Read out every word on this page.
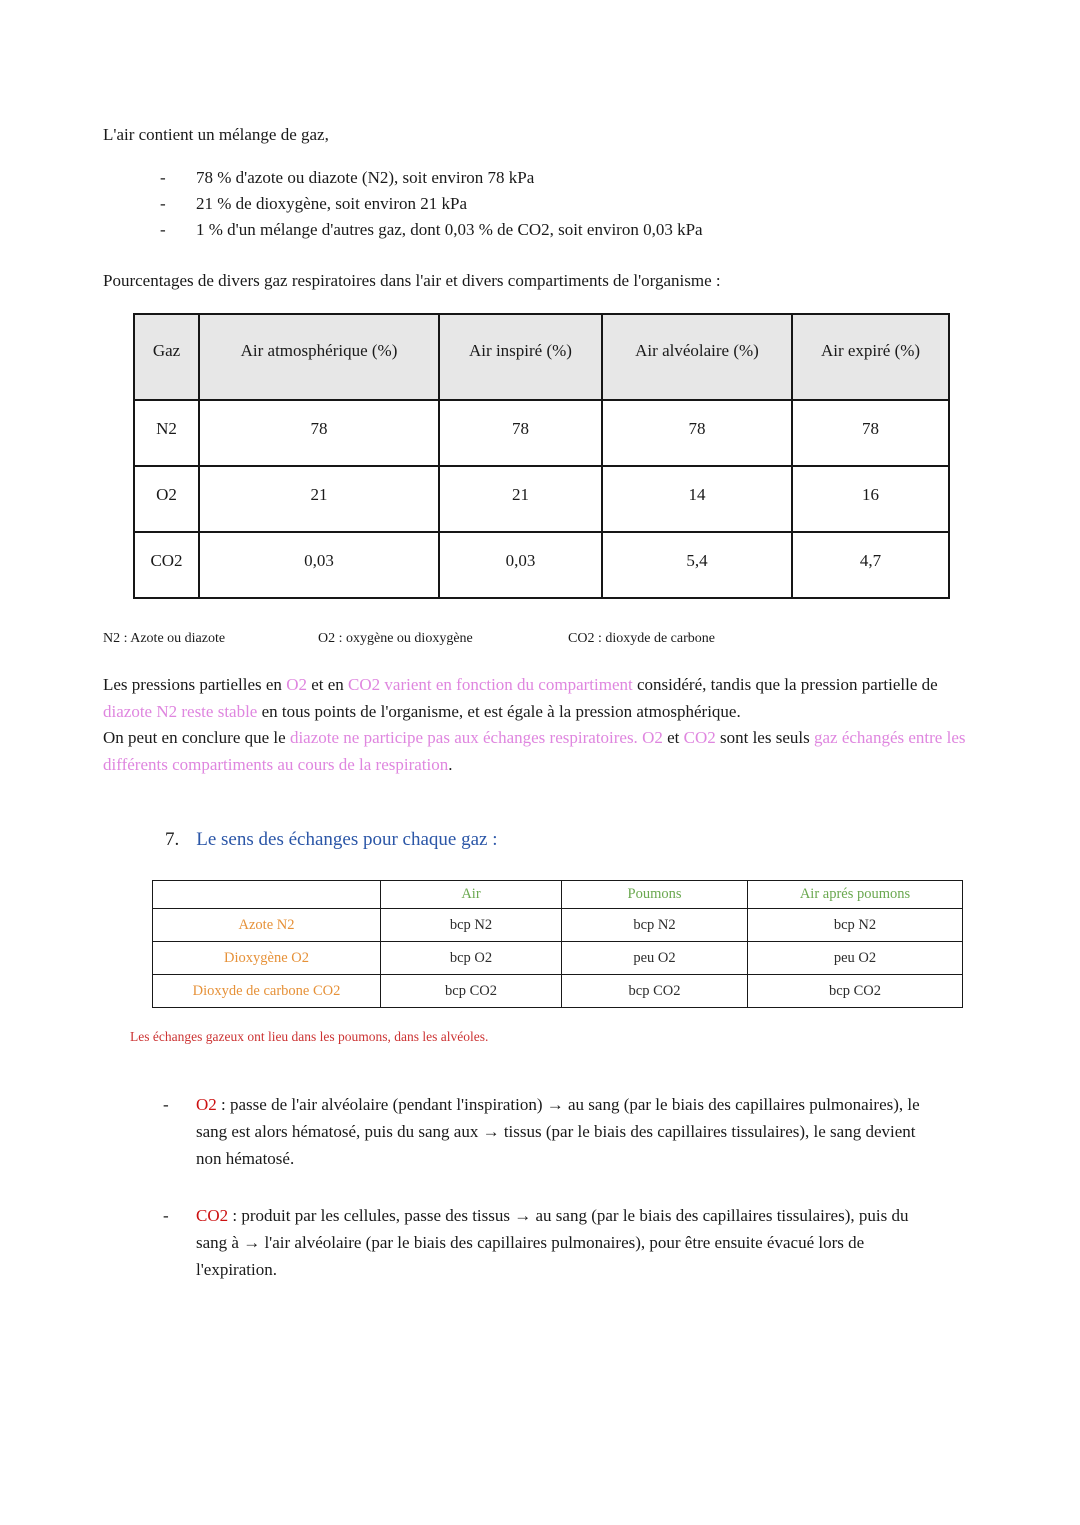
L'air contient un mélange de gaz,

-	78 % d'azote ou diazote (N2), soit environ 78 kPa
-	21 % de dioxygène, soit environ 21 kPa
-	1 % d'un mélange d'autres gaz, dont 0,03 % de CO2, soit environ 0,03 kPa

Pourcentages de divers gaz respiratoires dans l'air et divers compartiments de l'organisme :

Gaz	Air atmosphérique (%)	Air inspiré (%)	Air alvéolaire (%)	Air expiré (%)
N2	78	78	78	78
O2	21	21	14	16
CO2	0,03	0,03	5,4	4,7
N2 : Azote ou diazote	O2 : oxygène ou dioxygène	CO2 : dioxyde de carbone

Les pressions partielles en O2 et en CO2 varient en fonction du compartiment considéré, tandis que la pression partielle de diazote N2 reste stable en tous points de l'organisme, et est égale à la pression atmosphérique.

On peut en conclure que le diazote ne participe pas aux échanges respiratoires. O2 et CO2 sont les seuls gaz échangés entre les différents compartiments au cours de la respiration.

7. Le sens des échanges pour chaque gaz :
	Air	Poumons	Air aprés poumons
Azote N2	bcp N2	bcp N2	bcp N2
Dioxygène O2	bcp O2	peu O2	peu O2
Dioxyde de carbone CO2	bcp CO2	bcp CO2	bcp CO2

Les échanges gazeux ont lieu dans les poumons, dans les alvéoles.

-	O2 : passe de l'air alvéolaire (pendant l'inspiration) → au sang (par le biais des capillaires pulmonaires), le sang est alors hématosé, puis du sang aux → tissus (par le biais des capillaires tissulaires), le sang devient non hématosé.
-	CO2 : produit par les cellules, passe des tissus → au sang (par le biais des capillaires tissulaires), puis du sang à → l'air alvéolaire (par le biais des capillaires pulmonaires), pour être ensuite évacué lors de l'expiration.
